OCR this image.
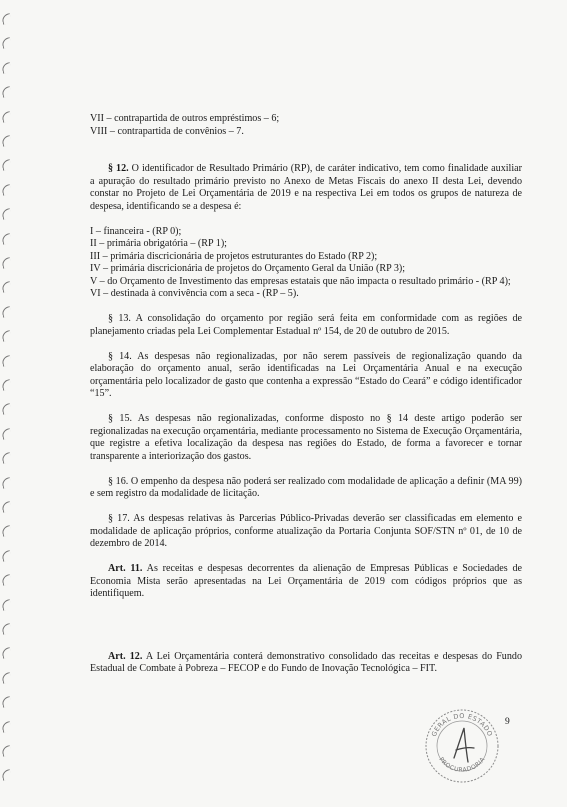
VII – contrapartida de outros empréstimos – 6;

VIII – contrapartida de convênios – 7.

§ 12. O identificador de Resultado Primário (RP), de caráter indicativo, tem como finalidade auxiliar a apuração do resultado primário previsto no Anexo de Metas Fiscais do anexo II desta Lei, devendo constar no Projeto de Lei Orçamentária de 2019 e na respectiva Lei em todos os grupos de natureza de despesa, identificando se a despesa é:

I – financeira - (RP 0);

II – primária obrigatória – (RP 1);

III – primária discricionária de projetos estruturantes do Estado (RP 2);

IV – primária discricionária de projetos do Orçamento Geral da União (RP 3);

V – do Orçamento de Investimento das empresas estatais que não impacta o resultado primário - (RP 4);

VI – destinada à convivência com a seca - (RP – 5).

§ 13. A consolidação do orçamento por região será feita em conformidade com as regiões de planejamento criadas pela Lei Complementar Estadual nº 154, de 20 de outubro de 2015.

§ 14. As despesas não regionalizadas, por não serem passíveis de regionalização quando da elaboração do orçamento anual, serão identificadas na Lei Orçamentária Anual e na execução orçamentária pelo localizador de gasto que contenha a expressão “Estado do Ceará” e código identificador “15”.

§ 15. As despesas não regionalizadas, conforme disposto no § 14 deste artigo poderão ser regionalizadas na execução orçamentária, mediante processamento no Sistema de Execução Orçamentária, que registre a efetiva localização da despesa nas regiões do Estado, de forma a favorecer e tornar transparente a interiorização dos gastos.

§ 16. O empenho da despesa não poderá ser realizado com modalidade de aplicação a definir (MA 99) e sem registro da modalidade de licitação.

§ 17. As despesas relativas às Parcerias Público-Privadas deverão ser classificadas em elemento e modalidade de aplicação próprios, conforme atualização da Portaria Conjunta SOF/STN nº 01, de 10 de dezembro de 2014.

Art. 11. As receitas e despesas decorrentes da alienação de Empresas Públicas e Sociedades de Economia Mista serão apresentadas na Lei Orçamentária de 2019 com códigos próprios que as identifiquem.

Art. 12. A Lei Orçamentária conterá demonstrativo consolidado das receitas e despesas do Fundo Estadual de Combate à Pobreza – FECOP e do Fundo de Inovação Tecnológica – FIT.

9
GERAL DO ESTADO
PROCURADORIA
